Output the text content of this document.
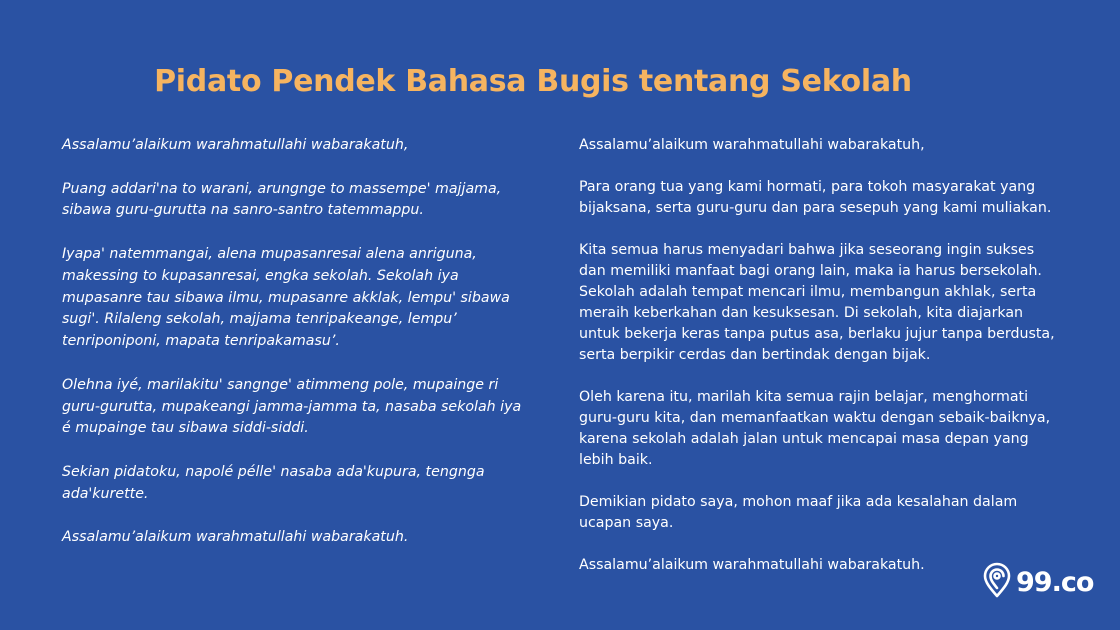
Pidato Pendek Bahasa Bugis tentang Sekolah

Assalamu’alaikum warahmatullahi wabarakatuh,

Puang addari'na to warani, arungnge to massempe' majjama,
sibawa guru-gurutta na sanro-santro tatemmappu.

Iyapa' natemmangai, alena mupasanresai alena anriguna,
makessing to kupasanresai, engka sekolah. Sekolah iya
mupasanre tau sibawa ilmu, mupasanre akklak, lempu' sibawa
sugi'. Rilaleng sekolah, majjama tenripakeange, lempu’
tenriponiponi, mapata tenripakamasu’.

Olehna iyé, marilakitu' sangnge' atimmeng pole, mupainge ri
guru-gurutta, mupakeangi jamma-jamma ta, nasaba sekolah iya
é mupainge tau sibawa siddi-siddi.

Sekian pidatoku, napolé pélle' nasaba ada'kupura, tengnga
ada'kurette.

Assalamu’alaikum warahmatullahi wabarakatuh.

Assalamu’alaikum warahmatullahi wabarakatuh,

Para orang tua yang kami hormati, para tokoh masyarakat yang
bijaksana, serta guru-guru dan para sesepuh yang kami muliakan.

Kita semua harus menyadari bahwa jika seseorang ingin sukses
dan memiliki manfaat bagi orang lain, maka ia harus bersekolah.
Sekolah adalah tempat mencari ilmu, membangun akhlak, serta
meraih keberkahan dan kesuksesan. Di sekolah, kita diajarkan
untuk bekerja keras tanpa putus asa, berlaku jujur tanpa berdusta,
serta berpikir cerdas dan bertindak dengan bijak.

Oleh karena itu, marilah kita semua rajin belajar, menghormati
guru-guru kita, dan memanfaatkan waktu dengan sebaik-baiknya,
karena sekolah adalah jalan untuk mencapai masa depan yang
lebih baik.

Demikian pidato saya, mohon maaf jika ada kesalahan dalam
ucapan saya.

Assalamu’alaikum warahmatullahi wabarakatuh.

99.co
